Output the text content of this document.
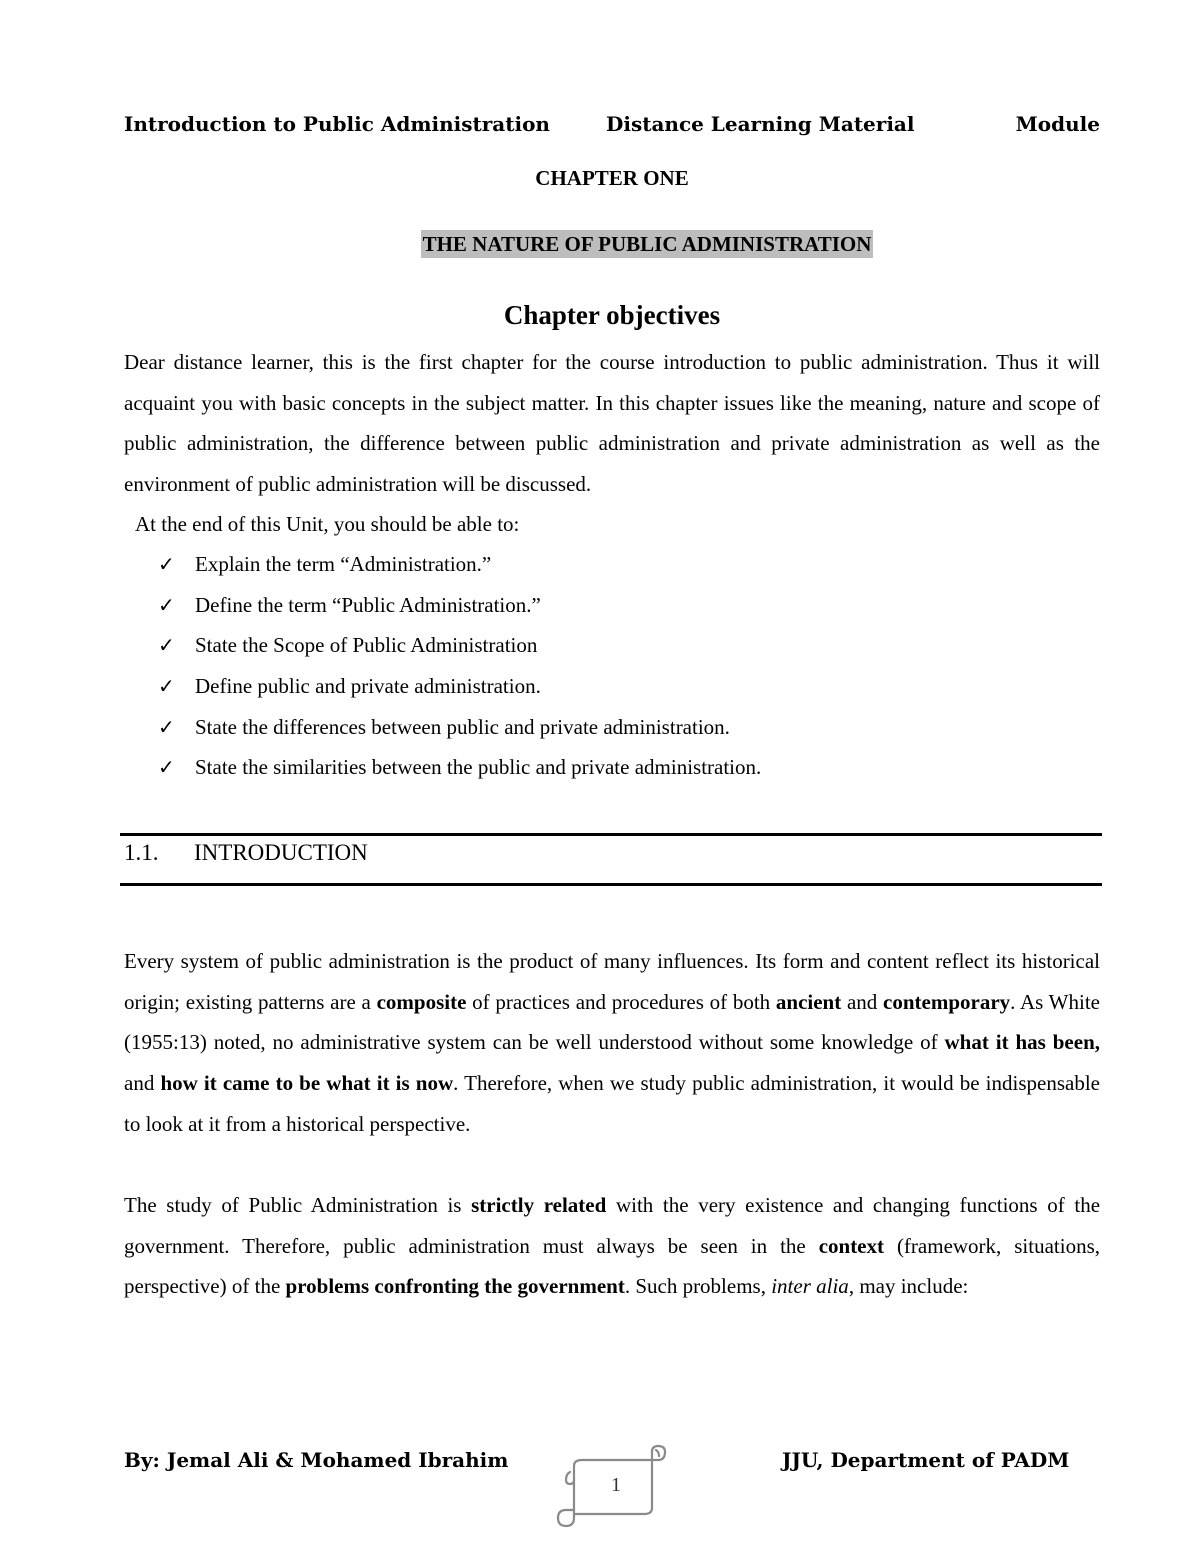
Introduction to Public Administration	Distance Learning Material	Module
CHAPTER ONE
THE NATURE OF PUBLIC ADMINISTRATION
Chapter objectives

Dear distance learner, this is the first chapter for the course introduction to public administration. Thus it will acquaint you with basic concepts in the subject matter. In this chapter issues like the meaning, nature and scope of public administration, the difference between public administration and private administration as well as the environment of public administration will be discussed.

At the end of this Unit, you should be able to:

✓ Explain the term “Administration.”
✓ Define the term “Public Administration.”
✓ State the Scope of Public Administration
✓ Define public and private administration.
✓ State the differences between public and private administration.
✓ State the similarities between the public and private administration.
1.1. INTRODUCTION

Every system of public administration is the product of many influences. Its form and content reflect its historical origin; existing patterns are a composite of practices and procedures of both ancient and contemporary. As White (1955:13) noted, no administrative system can be well understood without some knowledge of what it has been, and how it came to be what it is now. Therefore, when we study public administration, it would be indispensable to look at it from a historical perspective.

The study of Public Administration is strictly related with the very existence and changing functions of the government. Therefore, public administration must always be seen in the context (framework, situations, perspective) of the problems confronting the government. Such problems, inter alia, may include:

By: Jemal Ali & Mohamed Ibrahim
1
JJU, Department of PADM
